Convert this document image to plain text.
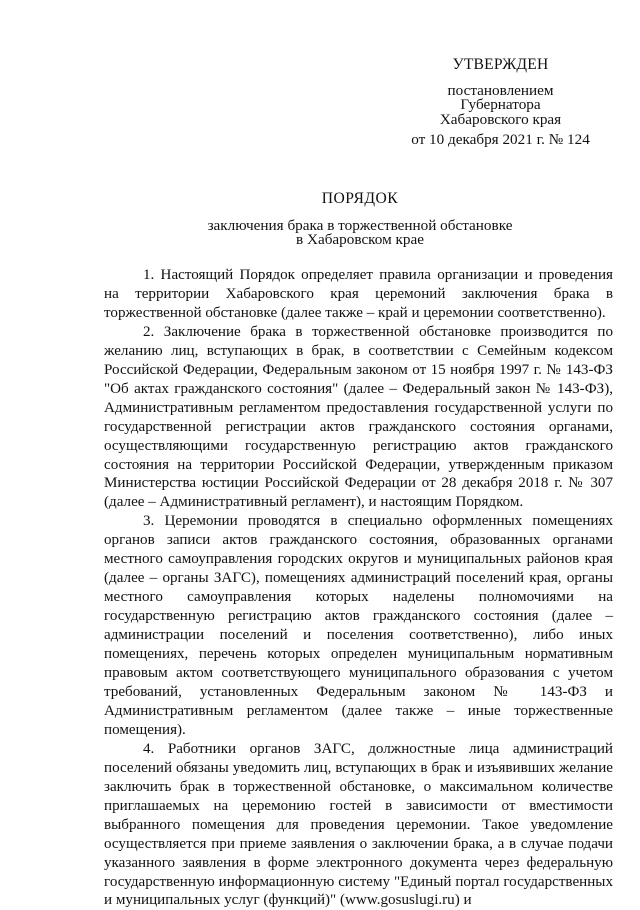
УТВЕРЖДЕН
постановлением
Губернатора
Хабаровского края
от 10 декабря 2021 г. № 124
ПОРЯДОК
заключения брака в торжественной обстановке
в Хабаровском крае

1. Настоящий Порядок определяет правила организации и проведения на территории Хабаровского края церемоний заключения брака в торжественной обстановке (далее также – край и церемонии соответственно).

2. Заключение брака в торжественной обстановке производится по желанию лиц, вступающих в брак, в соответствии с Семейным кодексом Российской Федерации, Федеральным законом от 15 ноября 1997 г. № 143-ФЗ "Об актах гражданского состояния" (далее – Федеральный закон № 143-ФЗ), Административным регламентом предоставления государственной услуги по государственной регистрации актов гражданского состояния органами, осуществляющими государственную регистрацию актов гражданского состояния на территории Российской Федерации, утвержденным приказом Министерства юстиции Российской Федерации от 28 декабря 2018 г. № 307 (далее – Административный регламент), и настоящим Порядком.

3. Церемонии проводятся в специально оформленных помещениях органов записи актов гражданского состояния, образованных органами местного самоуправления городских округов и муниципальных районов края (далее – органы ЗАГС), помещениях администраций поселений края, органы местного самоуправления которых наделены полномочиями на государственную регистрацию актов гражданского состояния (далее – администрации поселений и поселения соответственно), либо иных помещениях, перечень которых определен муниципальным нормативным правовым актом соответствующего муниципального образования с учетом требований, установленных Федеральным законом № 143-ФЗ и Административным регламентом (далее также – иные торжественные помещения).

4. Работники органов ЗАГС, должностные лица администраций поселений обязаны уведомить лиц, вступающих в брак и изъявивших желание заключить брак в торжественной обстановке, о максимальном количестве приглашаемых на церемонию гостей в зависимости от вместимости выбранного помещения для проведения церемонии. Такое уведомление осуществляется при приеме заявления о заключении брака, а в случае подачи указанного заявления в форме электронного документа через федеральную государственную информационную систему "Единый портал государственных и муниципальных услуг (функций)" (www.gosuslugi.ru) и
